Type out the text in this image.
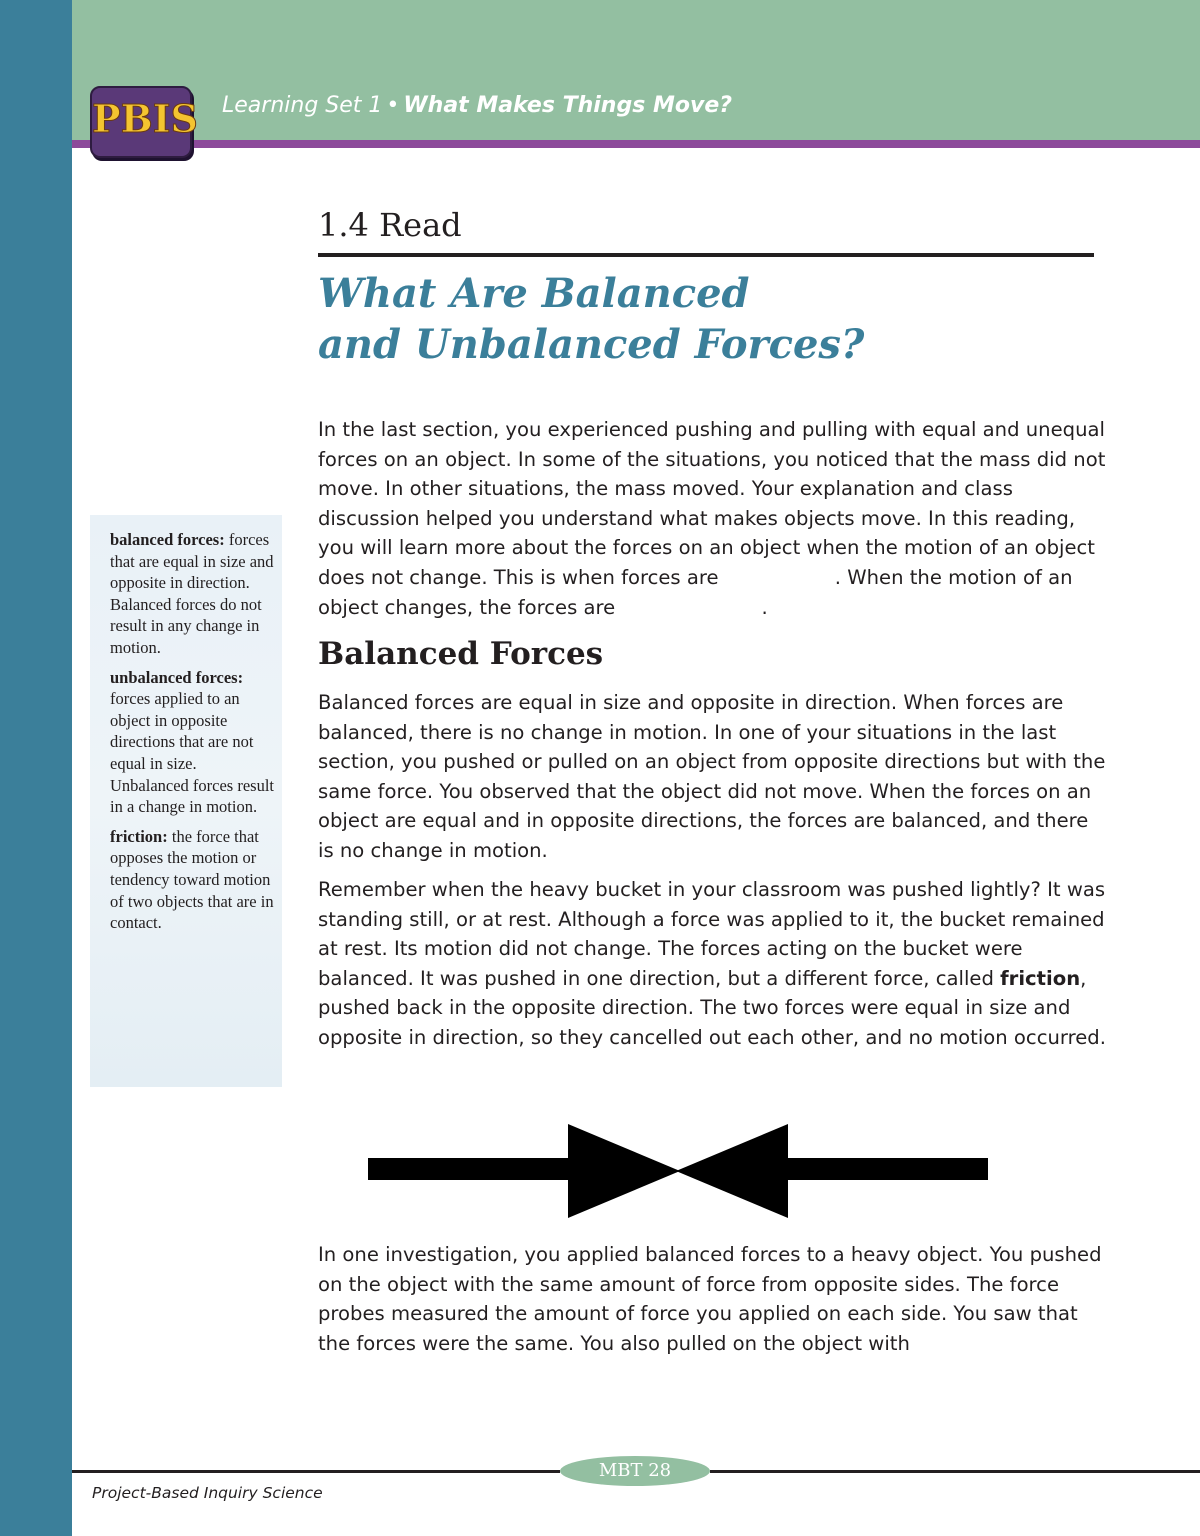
PBIS Learning Set 1 • What Makes Things Move?
1.4 Read
What Are Balanced
and Unbalanced Forces?

In the last section, you experienced pushing and pulling with equal and unequal forces on an object. In some of the situations, you noticed that the mass did not move. In other situations, the mass moved. Your explanation and class discussion helped you understand what makes objects move. In this reading, you will learn more about the forces on an object when the motion of an object does not change. This is when forces are	. When the motion of an object changes, the forces are	.

Balanced Forces

Balanced forces are equal in size and opposite in direction. When forces are balanced, there is no change in motion. In one of your situations in the last section, you pushed or pulled on an object from opposite directions but with the same force. You observed that the object did not move. When the forces on an object are equal and in opposite directions, the forces are balanced, and there is no change in motion.

Remember when the heavy bucket in your classroom was pushed lightly? It was standing still, or at rest. Although a force was applied to it, the bucket remained at rest. Its motion did not change. The forces acting on the bucket were balanced. It was pushed in one direction, but a different force, called friction, pushed back in the opposite direction. The two forces were equal in size and opposite in direction, so they cancelled out each other, and no motion occurred.

In one investigation, you applied balanced forces to a heavy object. You pushed on the object with the same amount of force from opposite sides. The force probes measured the amount of force you applied on each side. You saw that the forces were the same. You also pulled on the object with

balanced forces: forces that are equal in size and opposite in direction. Balanced forces do not result in any change in motion.

unbalanced forces: forces applied to an object in opposite directions that are not equal in size. Unbalanced forces result in a change in motion.

friction: the force that opposes the motion or tendency toward motion of two objects that are in contact.

MBT 28
Project-Based Inquiry Science
